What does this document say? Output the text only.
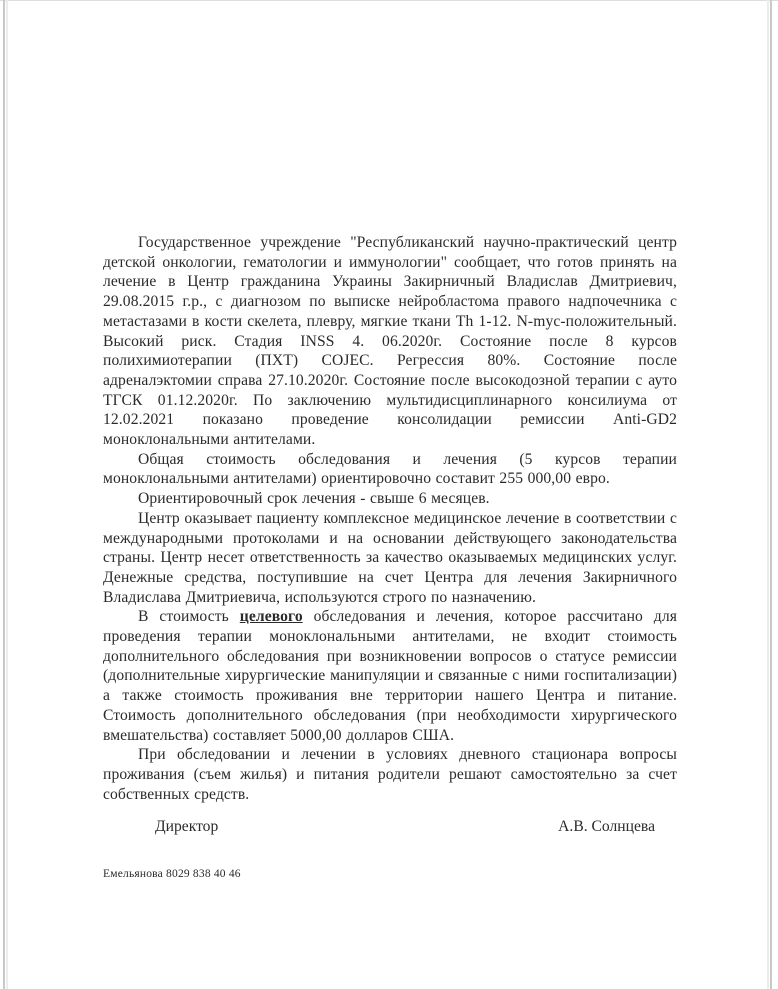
Государственное учреждение "Республиканский научно-практический центр детской онкологии, гематологии и иммунологии" сообщает, что готов принять на лечение в Центр гражданина Украины Закирничный Владислав Дмитриевич, 29.08.2015 г.р., с диагнозом по выписке нейробластома правого надпочечника с метастазами в кости скелета, плевру, мягкие ткани Th 1-12. N-myc-положительный. Высокий риск. Стадия INSS 4. 06.2020г. Состояние после 8 курсов полихимиотерапии (ПХТ) COJEC. Регрессия 80%. Состояние после адреналэктомии справа 27.10.2020г. Состояние после высокодозной терапии с ауто ТГСК 01.12.2020г. По заключению мультидисциплинарного консилиума от 12.02.2021 показано проведение консолидации ремиссии Anti-GD2 моноклональными антителами.

Общая стоимость обследования и лечения (5 курсов терапии моноклональными антителами) ориентировочно составит 255 000,00 евро.

Ориентировочный срок лечения - свыше 6 месяцев.

Центр оказывает пациенту комплексное медицинское лечение в соответствии с международными протоколами и на основании действующего законодательства страны. Центр несет ответственность за качество оказываемых медицинских услуг. Денежные средства, поступившие на счет Центра для лечения Закирничного Владислава Дмитриевича, используются строго по назначению.

В стоимость целевого обследования и лечения, которое рассчитано для проведения терапии моноклональными антителами, не входит стоимость дополнительного обследования при возникновении вопросов о статусе ремиссии (дополнительные хирургические манипуляции и связанные с ними госпитализации) а также стоимость проживания вне территории нашего Центра и питание. Стоимость дополнительного обследования (при необходимости хирургического вмешательства) составляет 5000,00 долларов США.

При обследовании и лечении в условиях дневного стационара вопросы проживания (съем жилья) и питания родители решают самостоятельно за счет собственных средств.

Директор	А.В. Солнцева
Емельянова 8029 838 40 46
